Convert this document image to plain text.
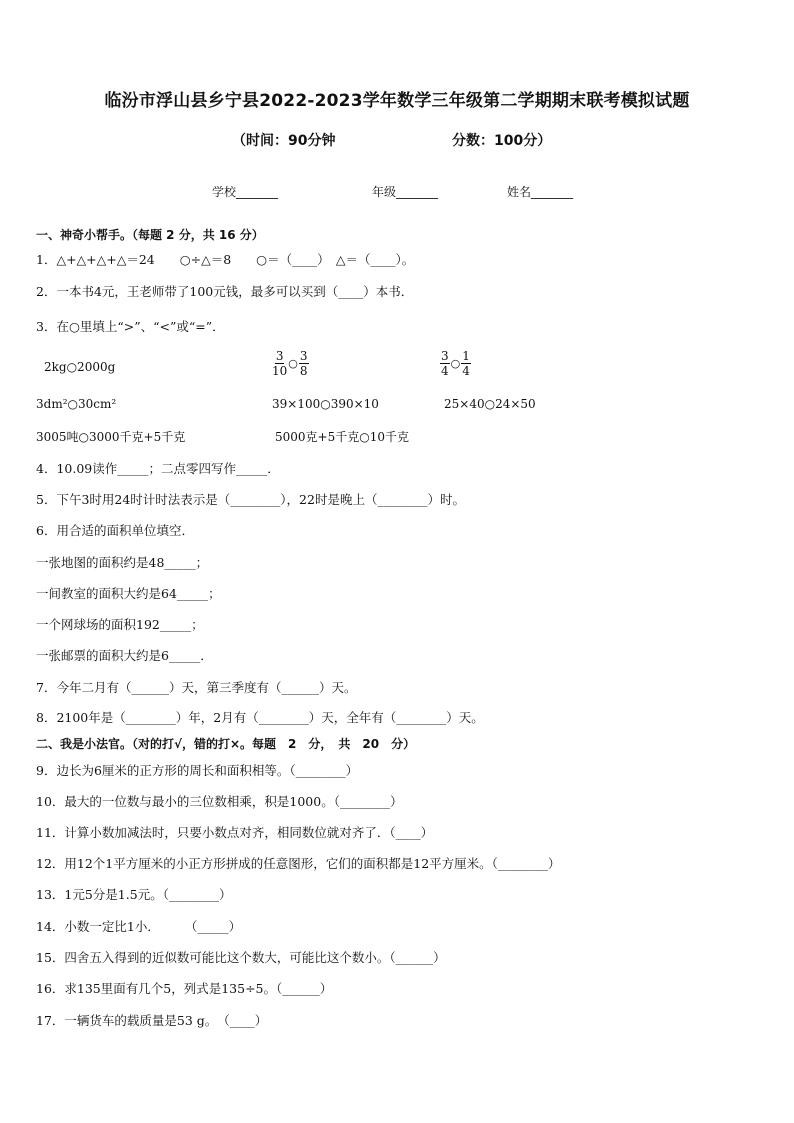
临汾市浮山县乡宁县2022-2023学年数学三年级第二学期期末联考模拟试题
（时间：90分钟	分数：100分）
学校_______	年级_______	姓名_______
一、神奇小帮手。（每题 2 分，共 16 分）
1．△+△+△+△＝24　　○÷△＝8　　○＝（____）　△＝（____）。
2．一本书4元，王老师带了100元钱，最多可以买到（____）本书．
3．在○里填上“>”、“<”或“=”．
2kg○2000g	$\frac{3}{10}$ ○ $\frac{3}{8}$	$\frac{3}{4}$ ○ $\frac{1}{4}$
3dm²○30cm²	39×100○390×10	25×40○24×50
3005吨○3000千克+5千克	5000克+5千克○10千克
4．10.09读作_____；二点零四写作_____．
5．下午3时用24时计时法表示是（________），22时是晚上（________）时。
6．用合适的面积单位填空．
一张地图的面积约是48_____；
一间教室的面积大约是64_____；
一个网球场的面积192_____；
一张邮票的面积大约是6_____．
7．今年二月有（______）天，第三季度有（______）天。
8．2100年是（________）年，2月有（________）天，全年有（________）天。
二、我是小法官。（对的打√，错的打×。每题　2　分，　共　20　分）
9．边长为6厘米的正方形的周长和面积相等。（________）
10．最大的一位数与最小的三位数相乘，积是1000。（________）
11．计算小数加减法时，只要小数点对齐，相同数位就对齐了．（____）
12．用12个1平方厘米的小正方形拼成的任意图形，它们的面积都是12平方厘米。（________）
13．1元5分是1.5元。（________）
14．小数一定比1小．　　　（_____）
15．四舍五入得到的近似数可能比这个数大，可能比这个数小。（______）
16．求135里面有几个5，列式是135÷5。（______）
17．一辆货车的载质量是53 g。　（____）
